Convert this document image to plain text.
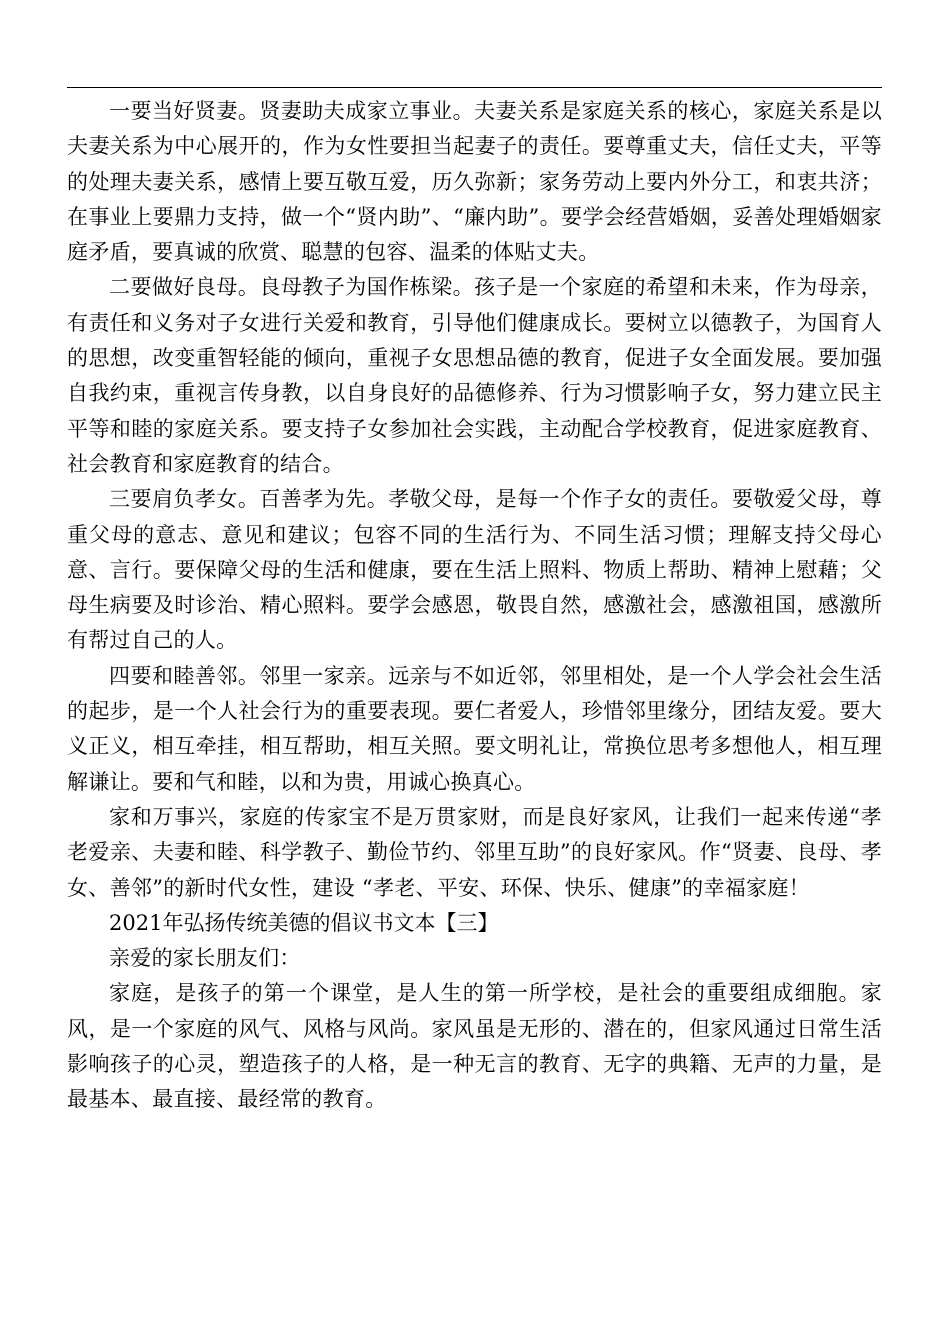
一要当好贤妻。贤妻助夫成家立事业。夫妻关系是家庭关系的核心，家庭关系是以夫妻关系为中心展开的，作为女性要担当起妻子的责任。要尊重丈夫，信任丈夫，平等的处理夫妻关系，感情上要互敬互爱，历久弥新；家务劳动上要内外分工，和衷共济；在事业上要鼎力支持，做一个“贤内助”、“廉内助”。要学会经营婚姻，妥善处理婚姻家庭矛盾，要真诚的欣赏、聪慧的包容、温柔的体贴丈夫。

二要做好良母。良母教子为国作栋梁。孩子是一个家庭的希望和未来，作为母亲，有责任和义务对子女进行关爱和教育，引导他们健康成长。要树立以德教子，为国育人的思想，改变重智轻能的倾向，重视子女思想品德的教育，促进子女全面发展。要加强自我约束，重视言传身教，以自身良好的品德修养、行为习惯影响子女，努力建立民主平等和睦的家庭关系。要支持子女参加社会实践，主动配合学校教育，促进家庭教育、社会教育和家庭教育的结合。

三要肩负孝女。百善孝为先。孝敬父母，是每一个作子女的责任。要敬爱父母，尊重父母的意志、意见和建议；包容不同的生活行为、不同生活习惯；理解支持父母心意、言行。要保障父母的生活和健康，要在生活上照料、物质上帮助、精神上慰藉；父母生病要及时诊治、精心照料。要学会感恩，敬畏自然，感激社会，感激祖国，感激所有帮过自己的人。

四要和睦善邻。邻里一家亲。远亲与不如近邻，邻里相处，是一个人学会社会生活的起步，是一个人社会行为的重要表现。要仁者爱人，珍惜邻里缘分，团结友爱。要大义正义，相互牵挂，相互帮助，相互关照。要文明礼让，常换位思考多想他人，相互理解谦让。要和气和睦，以和为贵，用诚心换真心。

家和万事兴，家庭的传家宝不是万贯家财，而是良好家风，让我们一起来传递“孝老爱亲、夫妻和睦、科学教子、勤俭节约、邻里互助”的良好家风。作“贤妻、良母、孝女、善邻”的新时代女性，建设 “孝老、平安、环保、快乐、健康”的幸福家庭！

2021年弘扬传统美德的倡议书文本【三】

亲爱的家长朋友们：

家庭，是孩子的第一个课堂，是人生的第一所学校，是社会的重要组成细胞。家风，是一个家庭的风气、风格与风尚。家风虽是无形的、潜在的，但家风通过日常生活影响孩子的心灵，塑造孩子的人格，是一种无言的教育、无字的典籍、无声的力量，是最基本、最直接、最经常的教育。
